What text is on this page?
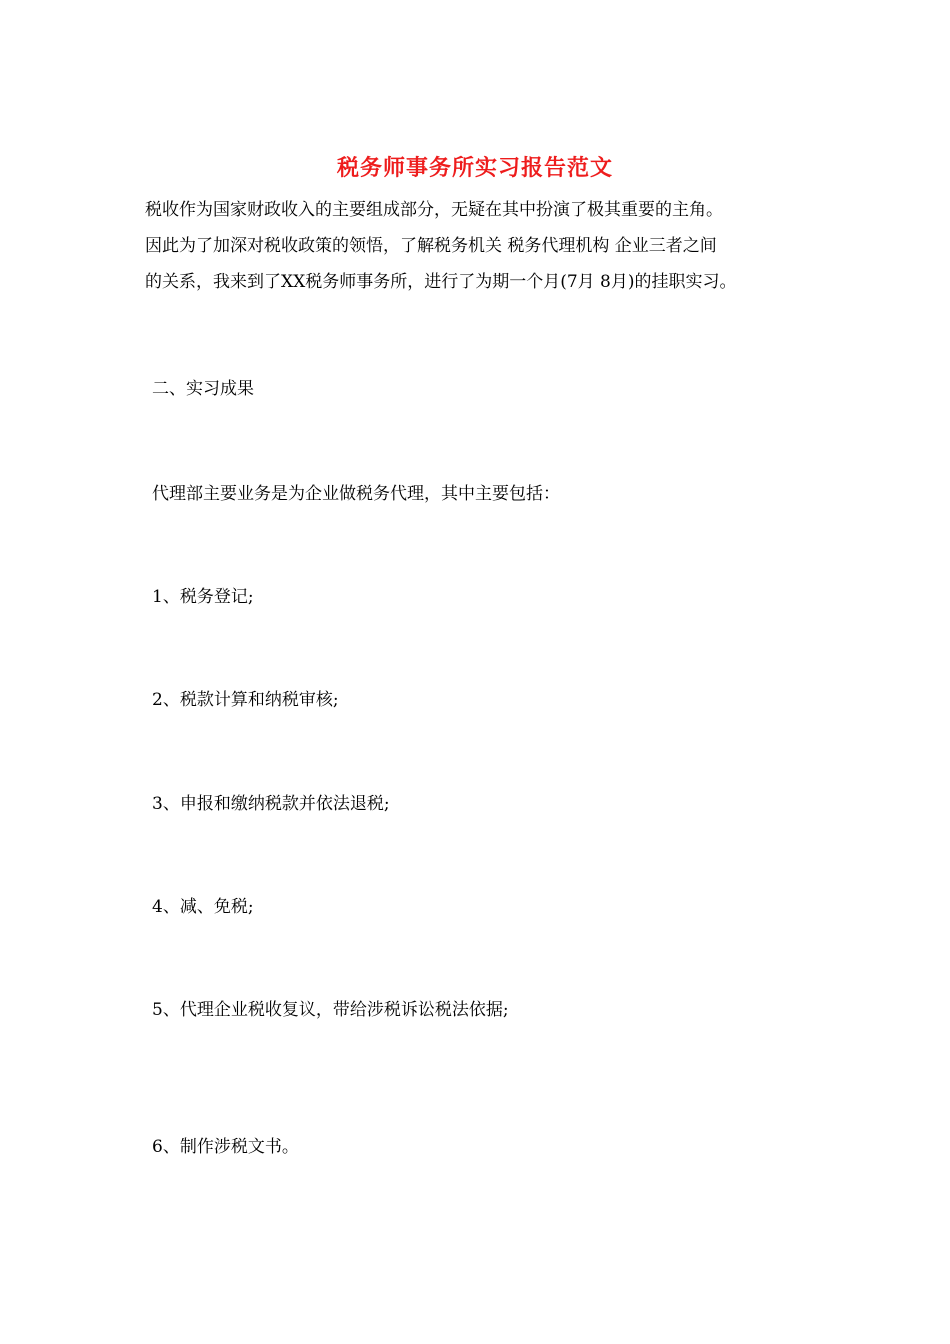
税务师事务所实习报告范文
税收作为国家财政收入的主要组成部分，无疑在其中扮演了极其重要的主角。
因此为了加深对税收政策的领悟，了解税务机关 税务代理机构 企业三者之间
的关系，我来到了XX税务师事务所，进行了为期一个月(7月 8月)的挂职实习。
二、实习成果
代理部主要业务是为企业做税务代理，其中主要包括：
1、税务登记;
2、税款计算和纳税审核;
3、申报和缴纳税款并依法退税;
4、减、免税;
5、代理企业税收复议，带给涉税诉讼税法依据;
6、制作涉税文书。
